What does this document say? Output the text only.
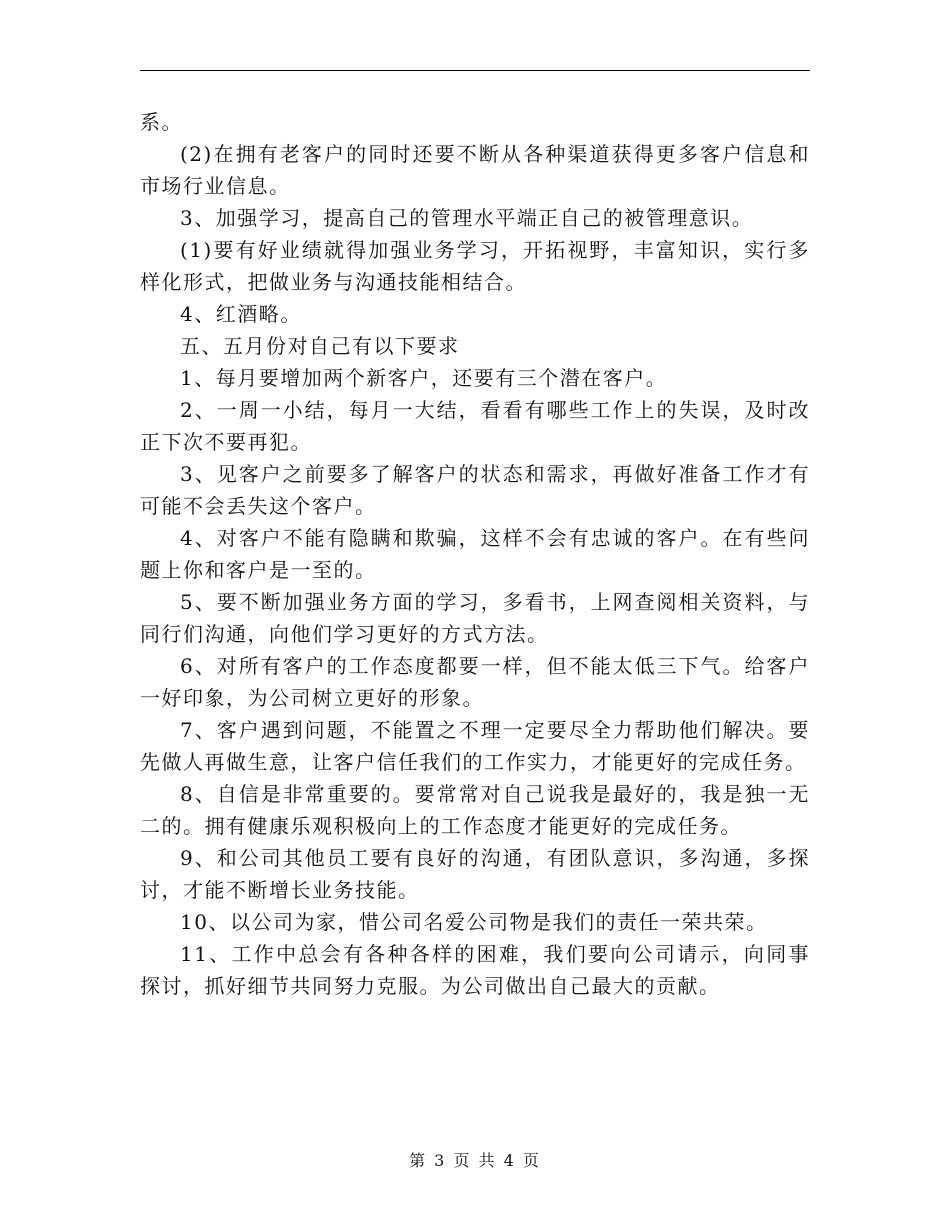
系。

(2)在拥有老客户的同时还要不断从各种渠道获得更多客户信息和市场行业信息。

3、加强学习，提高自己的管理水平端正自己的被管理意识。

(1)要有好业绩就得加强业务学习，开拓视野，丰富知识，实行多样化形式，把做业务与沟通技能相结合。

4、红酒略。

五、五月份对自己有以下要求

1、每月要增加两个新客户，还要有三个潜在客户。

2、一周一小结，每月一大结，看看有哪些工作上的失误，及时改正下次不要再犯。

3、见客户之前要多了解客户的状态和需求，再做好准备工作才有可能不会丢失这个客户。

4、对客户不能有隐瞒和欺骗，这样不会有忠诚的客户。在有些问题上你和客户是一至的。

5、要不断加强业务方面的学习，多看书，上网查阅相关资料，与同行们沟通，向他们学习更好的方式方法。

6、对所有客户的工作态度都要一样，但不能太低三下气。给客户一好印象，为公司树立更好的形象。

7、客户遇到问题，不能置之不理一定要尽全力帮助他们解决。要先做人再做生意，让客户信任我们的工作实力，才能更好的完成任务。

8、自信是非常重要的。要常常对自己说我是最好的，我是独一无二的。拥有健康乐观积极向上的工作态度才能更好的完成任务。

9、和公司其他员工要有良好的沟通，有团队意识，多沟通，多探讨，才能不断增长业务技能。

10、以公司为家，惜公司名爱公司物是我们的责任一荣共荣。

11、工作中总会有各种各样的困难，我们要向公司请示，向同事探讨，抓好细节共同努力克服。为公司做出自己最大的贡献。

第 3 页 共 4 页
